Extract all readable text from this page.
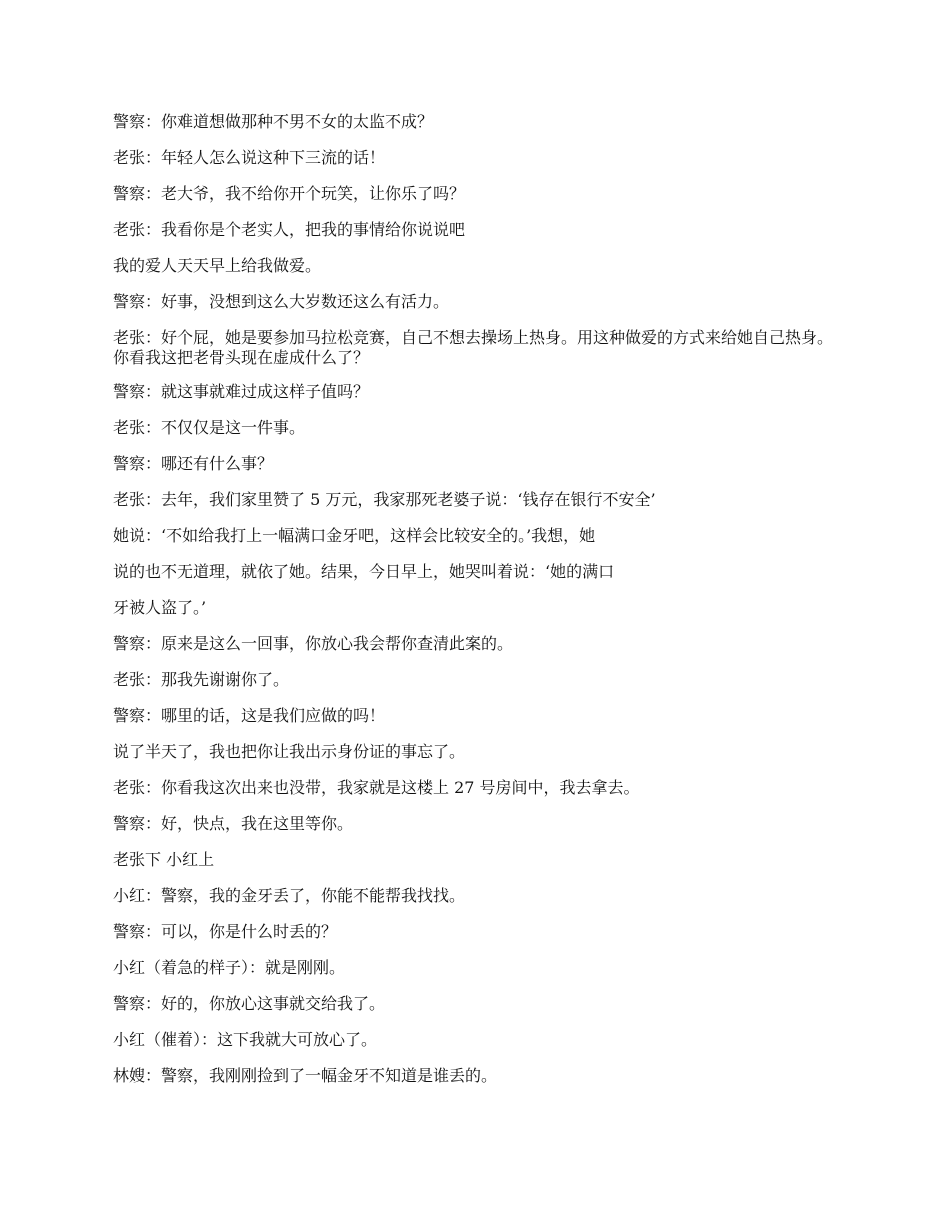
警察：你难道想做那种不男不女的太监不成？

老张：年轻人怎么说这种下三流的话！

警察：老大爷，我不给你开个玩笑，让你乐了吗？

老张：我看你是个老实人，把我的事情给你说说吧

我的爱人天天早上给我做爱。

警察：好事，没想到这么大岁数还这么有活力。

老张：好个屁，她是要参加马拉松竞赛，自己不想去操场上热身。用这种做爱的方式来给她自己热身。你看我这把老骨头现在虚成什么了？

警察：就这事就难过成这样子值吗？

老张：不仅仅是这一件事。

警察：哪还有什么事？

老张：去年，我们家里赞了 5 万元，我家那死老婆子说：‘钱存在银行不安全’

她说：‘不如给我打上一幅满口金牙吧，这样会比较安全的。’我想，她

说的也不无道理，就依了她。结果，今日早上，她哭叫着说：‘她的满口

牙被人盗了。’

警察：原来是这么一回事，你放心我会帮你查清此案的。

老张：那我先谢谢你了。

警察：哪里的话，这是我们应做的吗！

说了半天了，我也把你让我出示身份证的事忘了。

老张：你看我这次出来也没带，我家就是这楼上 27 号房间中，我去拿去。

警察：好，快点，我在这里等你。

老张下 小红上

小红：警察，我的金牙丢了，你能不能帮我找找。

警察：可以，你是什么时丢的？

小红（着急的样子）：就是刚刚。

警察：好的，你放心这事就交给我了。

小红（催着）：这下我就大可放心了。

林嫂：警察，我刚刚捡到了一幅金牙不知道是谁丢的。
